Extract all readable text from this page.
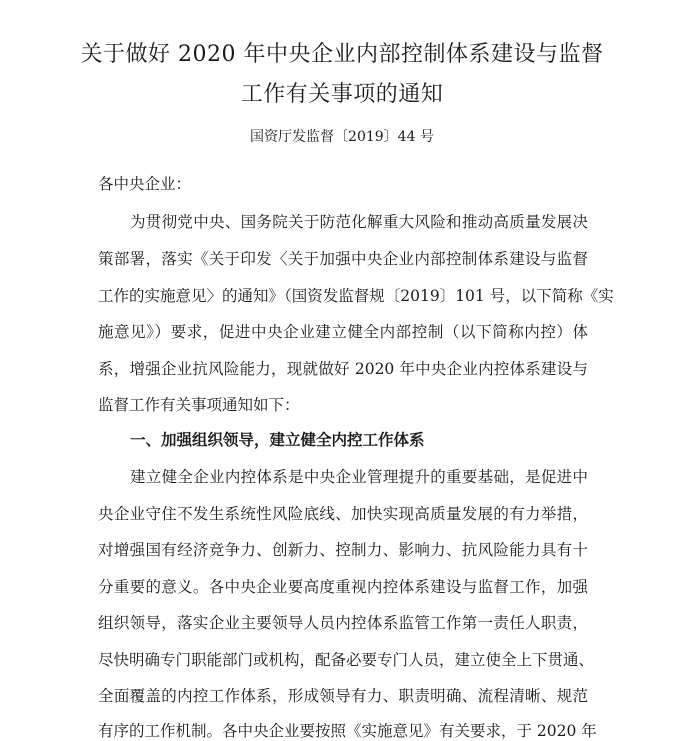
关于做好 2020 年中央企业内部控制体系建设与监督
工作有关事项的通知
国资厅发监督〔2019〕44 号
各中央企业：
为贯彻党中央、国务院关于防范化解重大风险和推动高质量发展决
策部署，落实《关于印发〈关于加强中央企业内部控制体系建设与监督
工作的实施意见〉的通知》（国资发监督规〔2019〕101 号，以下简称《实
施意见》）要求，促进中央企业建立健全内部控制（以下简称内控）体
系，增强企业抗风险能力，现就做好 2020 年中央企业内控体系建设与
监督工作有关事项通知如下：
一、加强组织领导，建立健全内控工作体系
建立健全企业内控体系是中央企业管理提升的重要基础，是促进中
央企业守住不发生系统性风险底线、加快实现高质量发展的有力举措，
对增强国有经济竞争力、创新力、控制力、影响力、抗风险能力具有十
分重要的意义。各中央企业要高度重视内控体系建设与监督工作，加强
组织领导，落实企业主要领导人员内控体系监管工作第一责任人职责，
尽快明确专门职能部门或机构，配备必要专门人员，建立使全上下贯通、
全面覆盖的内控工作体系，形成领导有力、职责明确、流程清晰、规范
有序的工作机制。各中央企业要按照《实施意见》有关要求，于 2020 年
